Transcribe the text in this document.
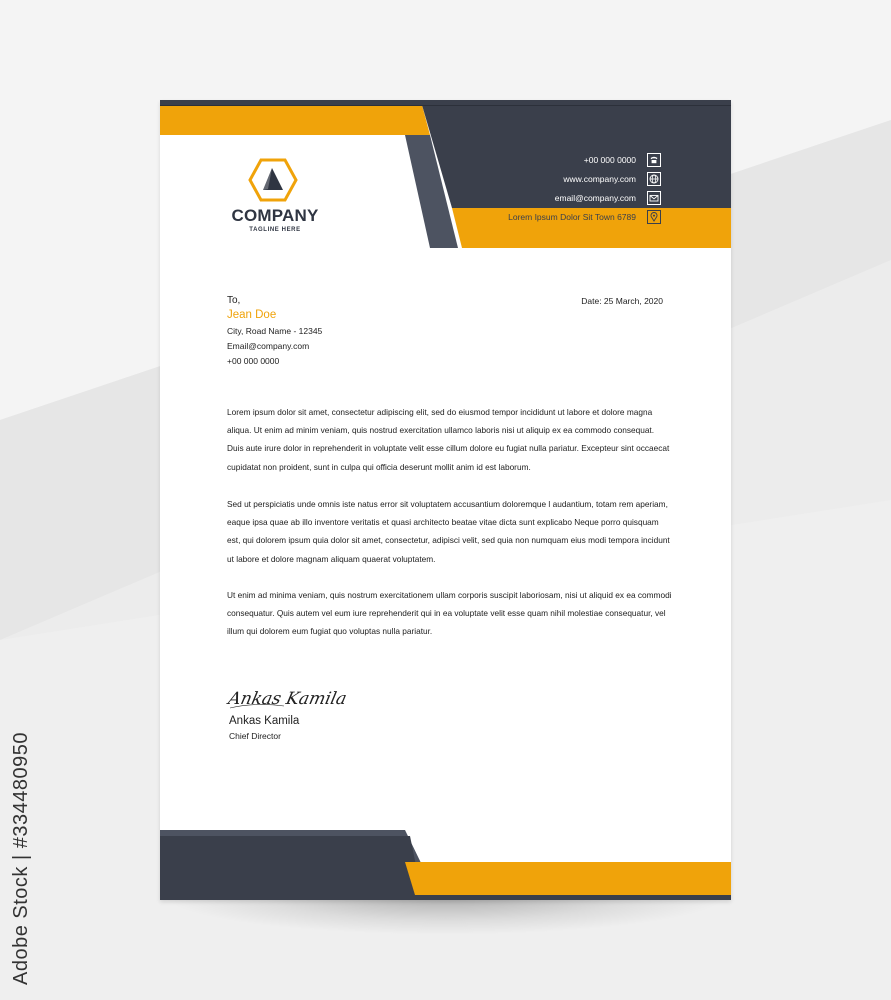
Adobe Stock | #334480950
COMPANY
TAGLINE HERE
+00 000 0000
www.company.com
email@company.com
Lorem Ipsum Dolor Sit Town 6789
To,
Jean Doe
City, Road Name - 12345
Email@company.com
+00 000 0000
Date: 25 March, 2020

Lorem ipsum dolor sit amet, consectetur adipiscing elit, sed do eiusmod tempor incididunt ut labore et dolore magna aliqua. Ut enim ad minim veniam, quis nostrud exercitation ullamco laboris nisi ut aliquip ex ea commodo consequat. Duis aute irure dolor in reprehenderit in voluptate velit esse cillum dolore eu fugiat nulla pariatur. Excepteur sint occaecat cupidatat non proident, sunt in culpa qui officia deserunt mollit anim id est laborum.

Sed ut perspiciatis unde omnis iste natus error sit voluptatem accusantium doloremque l audantium, totam rem aperiam, eaque ipsa quae ab illo inventore veritatis et quasi architecto beatae vitae dicta sunt explicabo Neque porro quisquam est, qui dolorem ipsum quia dolor sit amet, consectetur, adipisci velit, sed quia non numquam eius modi tempora incidunt ut labore et dolore magnam aliquam quaerat voluptatem.

Ut enim ad minima veniam, quis nostrum exercitationem ullam corporis suscipit laboriosam, nisi ut aliquid ex ea commodi consequatur. Quis autem vel eum iure reprehenderit qui in ea voluptate velit esse quam nihil molestiae consequatur, vel illum qui dolorem eum fugiat quo voluptas nulla pariatur.

Ankas Kamila
Ankas Kamila
Chief Director
